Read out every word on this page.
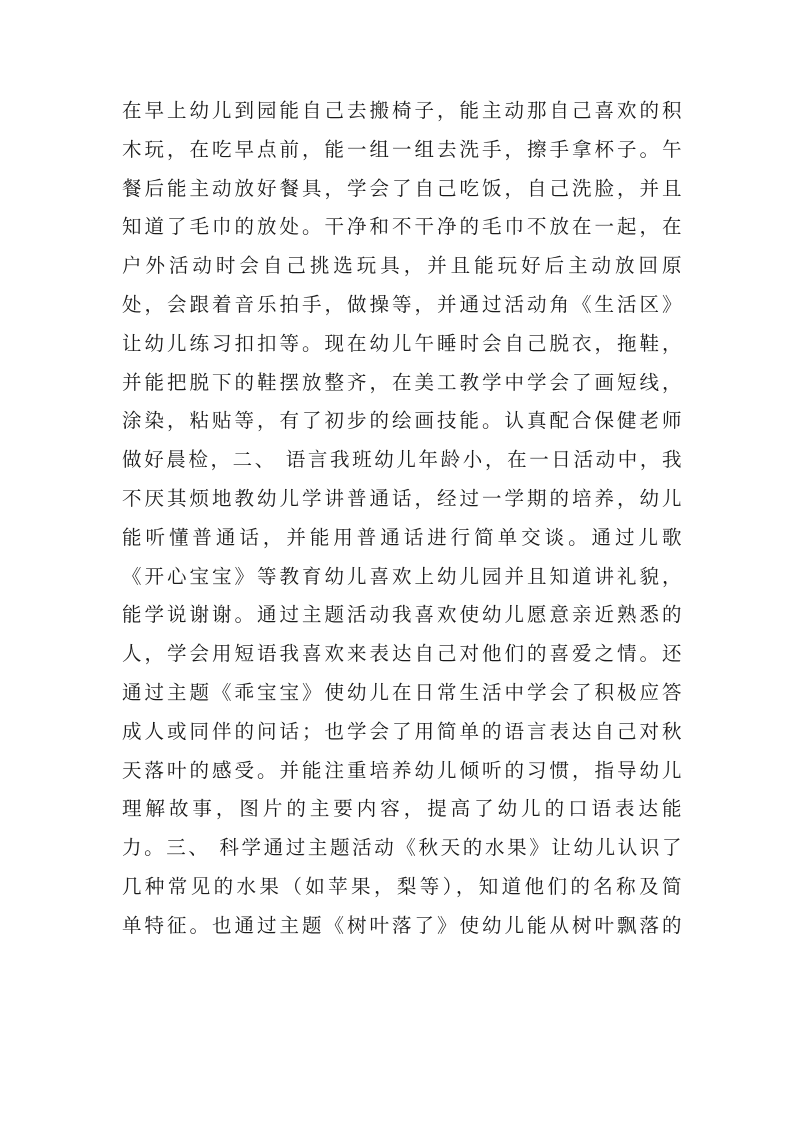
在早上幼儿到园能自己去搬椅子，能主动那自己喜欢的积
木玩，在吃早点前，能一组一组去洗手，擦手拿杯子。午
餐后能主动放好餐具，学会了自己吃饭，自己洗脸，并且
知道了毛巾的放处。干净和不干净的毛巾不放在一起，在
户外活动时会自己挑选玩具，并且能玩好后主动放回原
处，会跟着音乐拍手，做操等，并通过活动角《生活区》
让幼儿练习扣扣等。现在幼儿午睡时会自己脱衣，拖鞋，
并能把脱下的鞋摆放整齐，在美工教学中学会了画短线，
涂染，粘贴等，有了初步的绘画技能。认真配合保健老师
做好晨检，二、 语言我班幼儿年龄小，在一日活动中，我
不厌其烦地教幼儿学讲普通话，经过一学期的培养，幼儿
能听懂普通话，并能用普通话进行简单交谈。通过儿歌
《开心宝宝》等教育幼儿喜欢上幼儿园并且知道讲礼貌，
能学说谢谢。通过主题活动我喜欢使幼儿愿意亲近熟悉的
人，学会用短语我喜欢来表达自己对他们的喜爱之情。还
通过主题《乖宝宝》使幼儿在日常生活中学会了积极应答
成人或同伴的问话；也学会了用简单的语言表达自己对秋
天落叶的感受。并能注重培养幼儿倾听的习惯，指导幼儿
理解故事，图片的主要内容，提高了幼儿的口语表达能
力。三、 科学通过主题活动《秋天的水果》让幼儿认识了
几种常见的水果（如苹果，梨等），知道他们的名称及简
单特征。也通过主题《树叶落了》使幼儿能从树叶飘落的
